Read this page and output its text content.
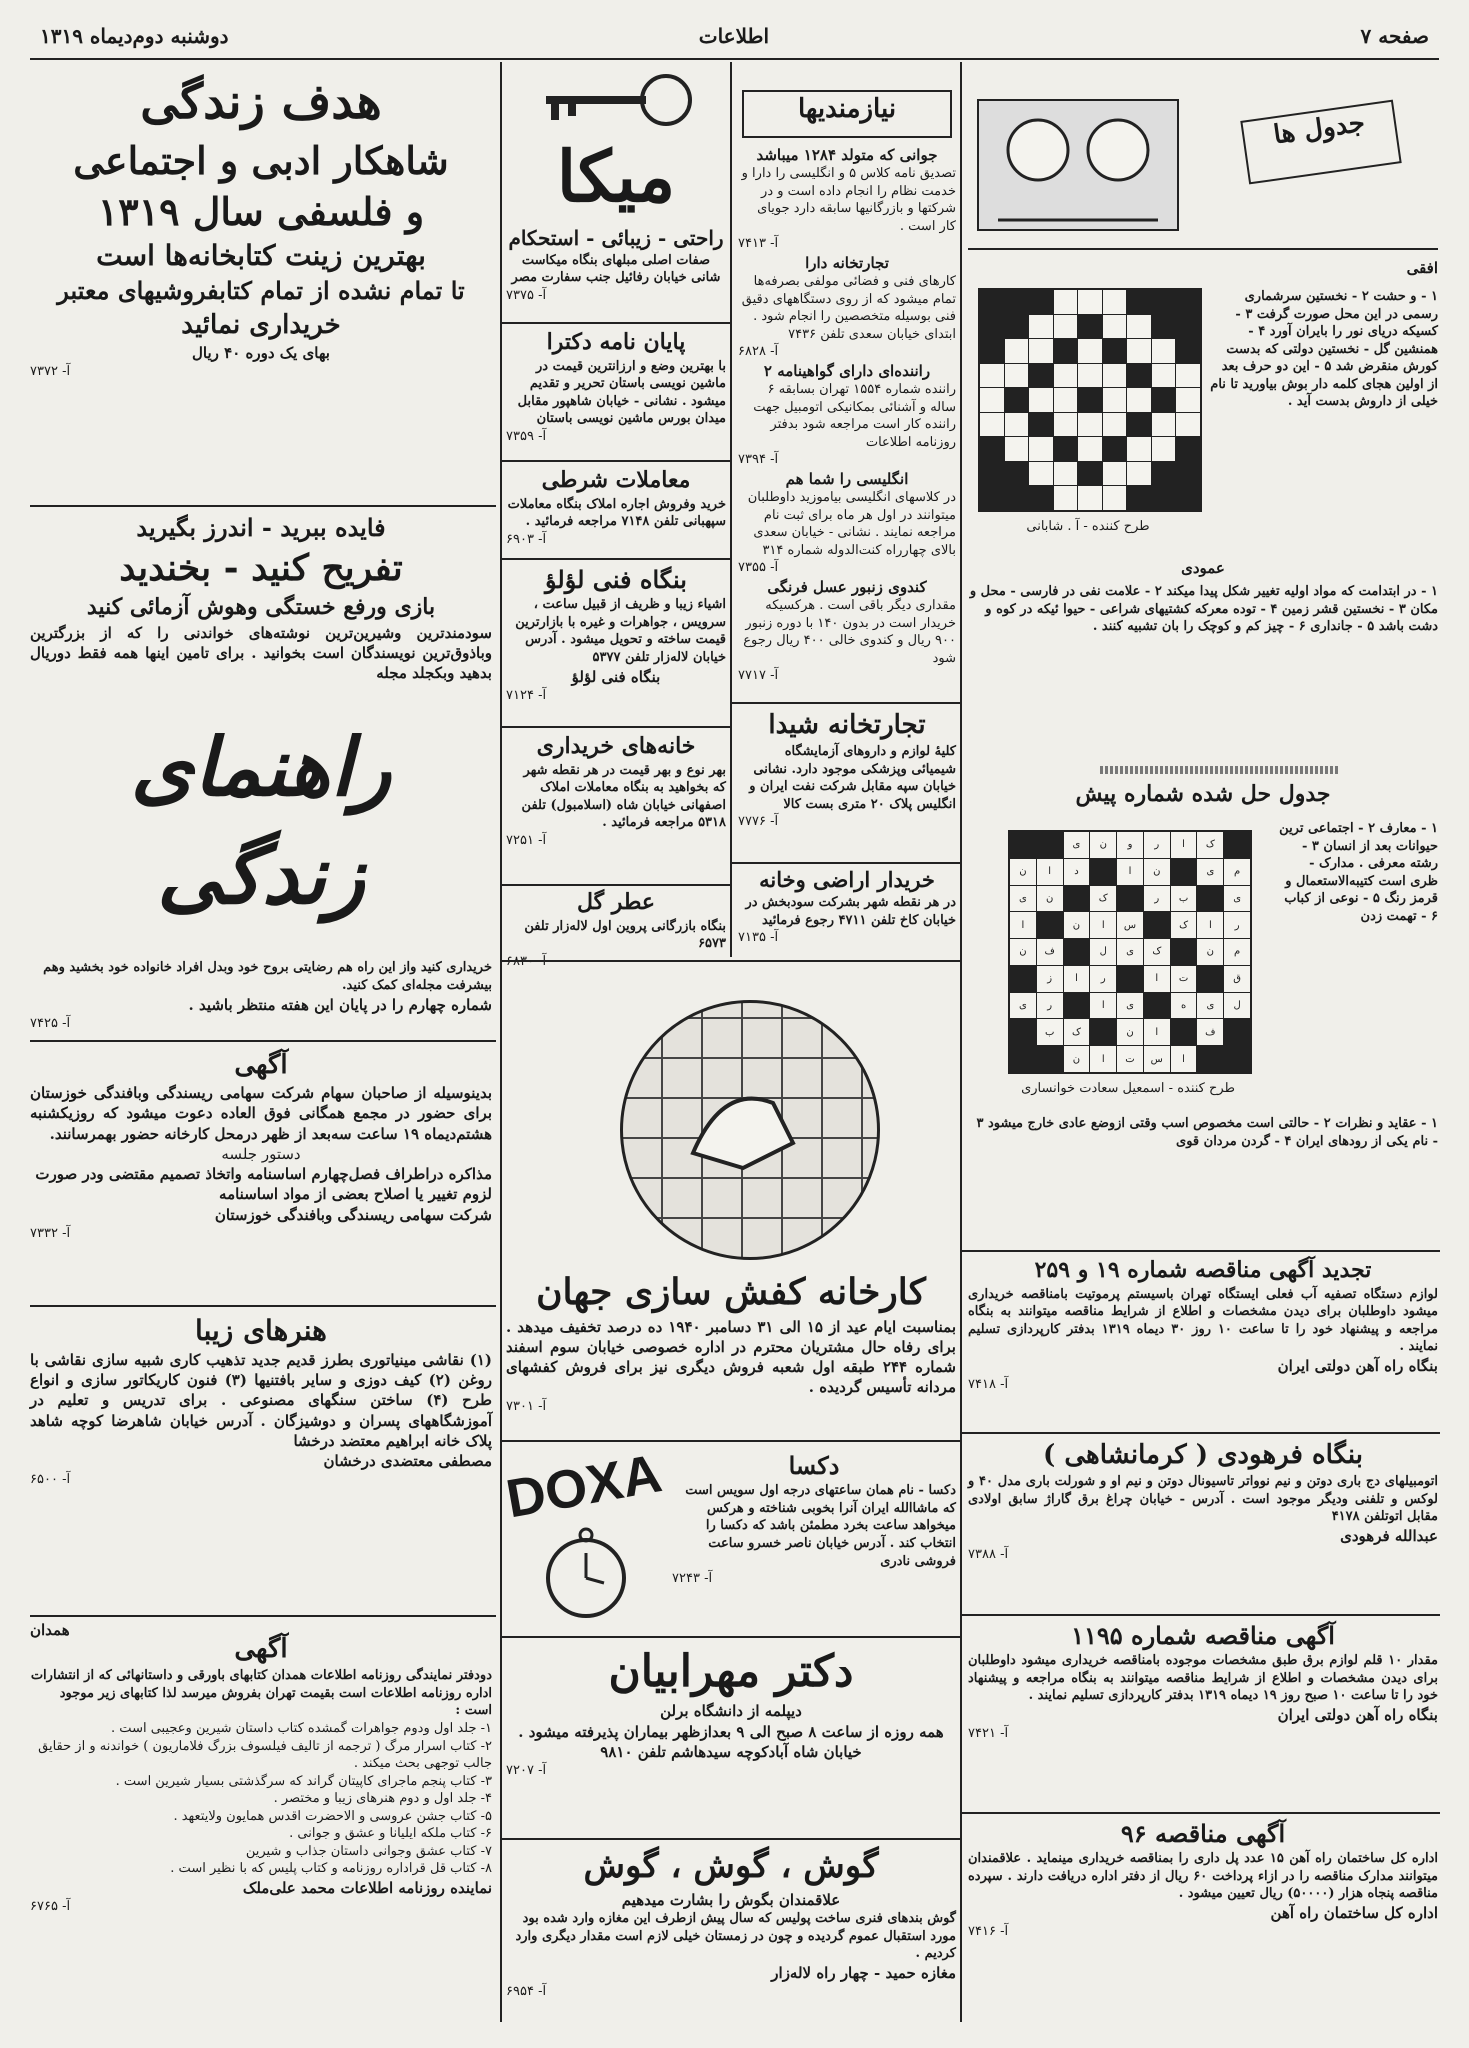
صفحه ۷
اطلاعات
دوشنبه دوم‌دیماه ۱۳۱۹

هدف زندگی

شاهکار ادبی و اجتماعی

و فلسفی سال ۱۳۱۹

بهترین زینت کتابخانه‌ها است

تا تمام نشده از تمام کتابفروشیهای معتبر

خریداری نمائید

بهای یک دوره ۴۰ ریال

آ- ۷۳۷۲

فایده ببرید - اندرز بگیرید

تفریح کنید - بخندید

بازی ورفع خستگی وهوش آزمائی کنید

سودمندترین وشیرین‌ترین نوشته‌های خواندنی را که از بزرگترین وباذوق‌ترین نویسندگان است بخوانید . برای تامین اینها همه فقط دوریال بدهید وبکجلد مجله

راهنمای زندگی

خریداری کنید واز این راه هم رضایتی بروح خود وبدل افراد خانواده خود بخشید وهم بیشرفت مجله‌ای کمک کنید.

شماره چهارم را در پایان این هفته منتظر باشید .

آ- ۷۴۲۵

آگهی

بدینوسیله از صاحبان سهام شرکت سهامی ریسندگی وبافندگی خوزستان برای حضور در مجمع همگانی فوق العاده دعوت میشود که روزیکشنبه هشتم‌دیماه ۱۹ ساعت سه‌بعد از ظهر درمحل کارخانه حضور بهمرسانند.

دستور جلسه

مذاکره دراطراف فصل‌چهارم اساسنامه واتخاذ تصمیم مقتضی ودر صورت لزوم تغییر یا اصلاح بعضی از مواد اساسنامه

شرکت سهامی ریسندگی وبافندگی خوزستان

آ- ۷۳۳۲

هنرهای زیبا

(۱) نقاشی مینیاتوری بطرز قدیم جدید تذهیب کاری شبیه سازی نقاشی با روغن (۲) کیف دوزی و سایر بافتنیها (۳) فنون کاریکاتور سازی و انواع طرح (۴) ساختن سنگهای مصنوعی . برای تدریس و تعلیم در آموزشگاههای پسران و دوشیزگان . آدرس خیابان شاهرضا کوچه شاهد پلاک خانه ابراهیم معتضد درخشا

مصطفی معتضدی درخشان

آ- ۶۵۰۰

همدان

آگهی

دودفتر نمایندگی روزنامه اطلاعات همدان کتابهای باورقی و داستانهائی که از انتشارات اداره روزنامه اطلاعات است بقیمت تهران بفروش میرسد لذا کتابهای زیر موجود است :

۱- جلد اول ودوم جواهرات گمشده کتاب داستان شیرین وعجیبی است .

۲- کتاب اسرار مرگ ( ترجمه از تالیف فیلسوف بزرگ فلاماریون ) خواندنه و از حقایق جالب توجهی بحث میکند .

۳- کتاب پنجم ماجرای کاپیتان گراند که سرگذشتی بسیار شیرین است .

۴- جلد اول و دوم هنرهای زیبا و مختصر .

۵- کتاب جشن عروسی و الاحضرت اقدس همایون ولایتعهد .

۶- کتاب ملکه ایلیانا و عشق و جوانی .

۷- کتاب عشق وجوانی داستان جذاب و شیرین

۸- کتاب قل قراداره روزنامه و کتاب پلیس که با نظیر است .

نماینده روزنامه اطلاعات محمد علی‌ملک

آ- ۶۷۶۵

میکا

راحتی - زیبائی - استحکام

صفات اصلی مبلهای بنگاه میکاست شانی خیابان رفائیل جنب سفارت مصر

آ- ۷۳۷۵

پایان نامه دکترا

با بهترین وضع و ارزانترین قیمت در ماشین نویسی باستان تحریر و تقدیم میشود . نشانی - خیابان شاهپور مقابل میدان بورس ماشین نویسی باستان

آ- ۷۳۵۹

معاملات شرطی

خرید وفروش اجاره املاک بنگاه معاملات سپهبانی تلفن ۷۱۴۸ مراجعه فرمائید .

آ- ۶۹۰۳

بنگاه فنی لؤلؤ

اشیاء زیبا و ظریف از قبیل ساعت ، سرویس ، جواهرات و غیره با بازارترین قیمت ساخته و تحویل میشود . آدرس خیابان لاله‌زار تلفن ۵۳۷۷

بنگاه فنی لؤلؤ

آ- ۷۱۲۴

خانه‌های خریداری

بهر نوع و بهر قیمت در هر نقطه شهر که بخواهید به بنگاه معاملات املاک اصفهانی خیابان شاه (اسلامبول) تلفن ۵۳۱۸ مراجعه فرمائید .

آ- ۷۲۵۱

عطر گل

بنگاه بازرگانی پروین اول لاله‌زار تلفن ۶۵۷۳

نیازمندیها

جوانی که متولد ۱۲۸۴ میباشد

تصدیق نامه کلاس ۵ و انگلیسی را دارا و خدمت نظام را انجام داده است و در شرکتها و بازرگانیها سابقه دارد جویای کار است .

آ- ۷۴۱۳

تجارتخانه دارا

کارهای فنی و فضائی مولفی بصرفه‌ها تمام میشود که از روی دستگاههای دقیق فنی بوسیله متخصصین را انجام شود . ابتدای خیابان سعدی تلفن ۷۴۳۶

آ- ۶۸۲۸

راننده‌ای دارای گواهینامه ۲

راننده شماره ۱۵۵۴ تهران بسابقه ۶ ساله و آشنائی بمکانیکی اتومبیل جهت راننده کار است مراجعه شود بدفتر روزنامه اطلاعات

آ- ۷۳۹۴

انگلیسی را شما هم

در کلاسهای انگلیسی بیاموزید داوطلبان میتوانند در اول هر ماه برای ثبت نام مراجعه نمایند . نشانی - خیابان سعدی بالای چهارراه کنت‌الدوله شماره ۳۱۴

آ- ۷۳۵۵

کندوی زنبور عسل فرنگی

مقداری دیگر باقی است . هرکسیکه خریدار است در بدون ۱۴۰ با دوره زنبور ۹۰۰ ریال و کندوی خالی ۴۰۰ ریال رجوع شود

آ- ۷۷۱۷

تجارتخانه شیدا

کلیهٔ لوازم و داروهای آزمایشگاه شیمیائی وپزشکی موجود دارد. نشانی خیابان سپه مقابل شرکت نفت ایران و انگلیس پلاک ۲۰ متری بست کالا

آ- ۷۷۷۶

خریدار اراضی وخانه

در هر نقطه شهر بشرکت سودبخش در خیابان کاخ تلفن ۴۷۱۱ رجوع فرمائید

آ- ۷۱۳۵

کارخانه کفش سازی جهان

بمناسبت ایام عید از ۱۵ الی ۳۱ دسامبر ۱۹۴۰ ده درصد تخفیف میدهد . برای رفاه حال مشتریان محترم در اداره خصوصی خیابان سوم اسفند شماره ۲۴۴ طبقه اول شعبه فروش دیگری نیز برای فروش کفشهای مردانه تأسیس گردیده .

آ- ۷۳۰۱

DOXA	دکسا

دکسا - نام همان ساعتهای درجه اول سویس است که ماشاالله ایران آنرا بخوبی شناخته و هرکس میخواهد ساعت بخرد مطمئن باشد که دکسا را انتخاب کند . آدرس خیابان ناصر خسرو ساعت فروشی نادری

آ- ۷۲۴۳

دکتر مهرابیان

دیپلمه از دانشگاه برلن

همه روزه از ساعت ۸ صبح الی ۹ بعدازظهر بیماران پذیرفته میشود . خیابان شاه آبادکوچه سیدهاشم تلفن ۹۸۱۰

آ- ۷۲۰۷

گوش ، گوش ، گوش

علاقمندان بگوش را بشارت میدهیم

گوش بندهای فنری ساخت پولیس که سال پیش ازطرف این مغازه وارد شده بود مورد استقبال عموم گردیده و چون در زمستان خیلی لازم است مقدار دیگری وارد کردیم .

مغازه حمید - چهار راه لاله‌زار

آ- ۶۹۵۴

جدول ها

افقی

طرح کننده - آ . شابانی

۱ - و حشت ۲ - نخستین سرشماری رسمی در این محل صورت گرفت ۳ - کسیکه دریای نور را بایران آورد ۴ - همنشین گل - نخستین دولتی که بدست کورش منقرض شد ۵ - این دو حرف بعد از اولین هجای کلمه دار بوش بیاورید تا نام خیلی از داروش بدست آید .

عمودی

۱ - در ابتدامت که مواد اولیه تغییر شکل پیدا میکند ۲ - علامت نفی در فارسی - محل و مکان ۳ - نخستین قشر زمین ۴ - توده معرکه کشتیهای شراعی - حیوا ئیکه در کوه و دشت باشد ۵ - جانداری ۶ - چیز کم و کوچک را بان تشبیه کنند .

جدول حل شده شماره پیش

ک
ا
ر
و
ن
ی
م
ی
ن
ا
د
ا
ن
ی
ب
ر
ک
ن
ی
ر
ا
ک
س
ا
ن
ا
م
ن
ک
ی
ل
ف
ن
ق
ت
ا
ر
ا
ز
ل
ی
ه
ی
ا
ر
ی
ف
ا
ن
ک
ب
ا
س
ت
ا
ن

طرح کننده - اسمعیل سعادت خوانساری

۱ - معارف ۲ - اجتماعی ترین حیوانات بعد از انسان ۳ - رشته معرفی . مدارک - ظری است کتیبه‌الاستعمال و قرمز رنگ ۵ - نوعی از کباب ۶ - تهمت زدن

۱ - عقاید و نظرات ۲ - حالتی است مخصوص اسب وقتی ازوضع عادی خارج میشود ۳ - نام یکی از رودهای ایران ۴ - گردن مردان قوی

تجدید آگهی مناقصه شماره ۱۹ و ۲۵۹

لوازم دستگاه تصفیه آب فعلی ایستگاه تهران باسیستم پرموتیت بامناقصه خریداری میشود داوطلبان برای دیدن مشخصات و اطلاع از شرایط مناقصه میتوانند به بنگاه مراجعه و پیشنهاد خود را تا ساعت ۱۰ روز ۳۰ دیماه ۱۳۱۹ بدفتر کارپردازی تسلیم نمایند .

بنگاه راه آهن دولتی ایران

آ- ۷۴۱۸

بنگاه فرهودی ( کرمانشاهی )

اتومبیلهای دج باری دوتن و نیم نوواتر تاسیونال دوتن و نیم او و شورلت باری مدل ۴۰ و لوکس و تلفنی ودیگر موجود است . آدرس - خیابان چراغ برق گاراژ سابق اولادی مقابل اتوتلفن ۴۱۷۸

عبدالله فرهودی

آ- ۷۳۸۸

آگهی مناقصه شماره ۱۱۹۵

مقدار ۱۰ قلم لوازم برق طبق مشخصات موجوده بامناقصه خریداری میشود داوطلبان برای دیدن مشخصات و اطلاع از شرایط مناقصه میتوانند به بنگاه مراجعه و پیشنهاد خود را تا ساعت ۱۰ صبح روز ۱۹ دیماه ۱۳۱۹ بدفتر کارپردازی تسلیم نمایند .

بنگاه راه آهن دولتی ایران

آ- ۷۴۲۱

آگهی مناقصه ۹۶

اداره کل ساختمان راه آهن ۱۵ عدد پل داری را بمناقصه خریداری مینماید . علاقمندان میتوانند مدارک مناقصه را در ازاء پرداخت ۶۰ ریال از دفتر اداره دریافت دارند . سپرده مناقصه پنجاه هزار (۵۰۰۰۰) ریال تعیین میشود .

اداره کل ساختمان راه آهن

آ- ۷۴۱۶
